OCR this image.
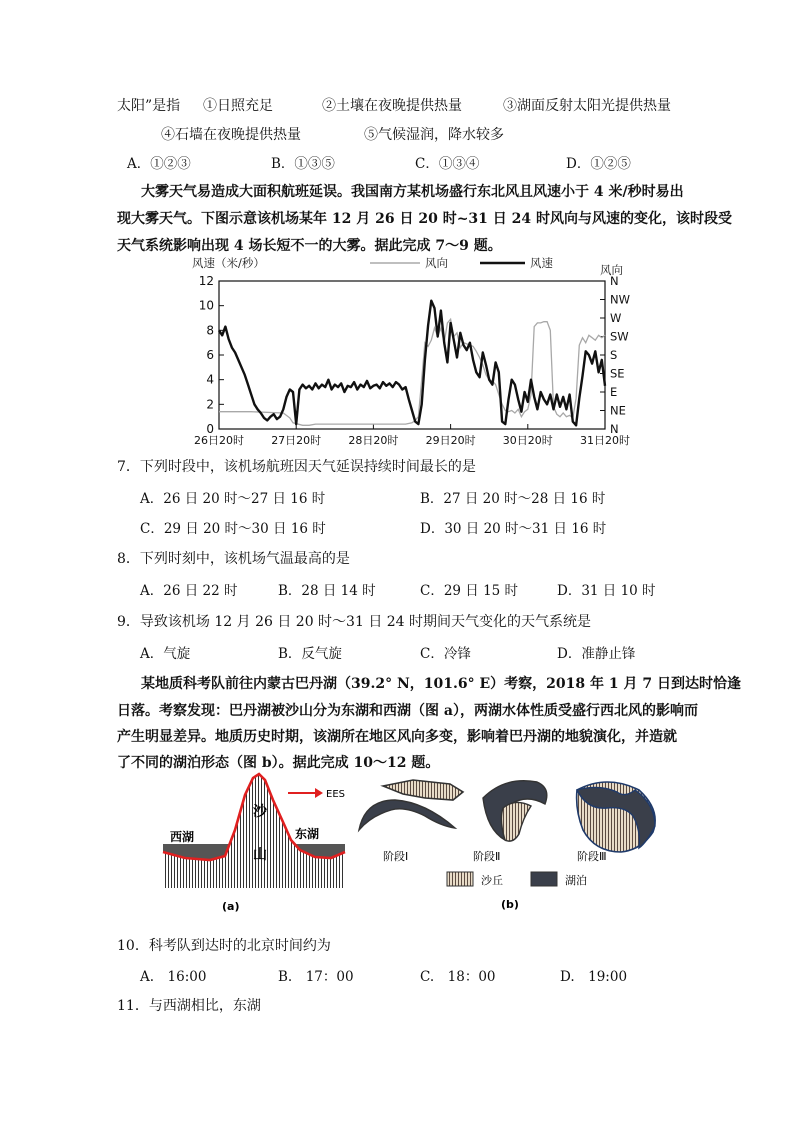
太阳”是指 ①日照充足	②土壤在夜晚提供热量	③湖面反射太阳光提供热量
④石墙在夜晚提供热量	⑤气候湿润，降水较多
A．①②③	B．①③⑤	C．①③④	D．①②⑤
大雾天气易造成大面积航班延误。我国南方某机场盛行东北风且风速小于 4 米/秒时易出
现大雾天气。下图示意该机场某年 12 月 26 日 20 时~31 日 24 时风向与风速的变化，该时段受
天气系统影响出现 4 场长短不一的大雾。据此完成 7～9 题。
风速（米/秒）	风向
风向	风速
0
2
4
6
8
10
12
N
NE
E
SE
S
SW
W
NW
N
26日20时 27日20时 28日20时 29日20时 30日20时 31日20时
7．下列时段中，该机场航班因天气延误持续时间最长的是
A．26 日 20 时～27 日 16 时	B．27 日 20 时～28 日 16 时
C．29 日 20 时～30 日 16 时	D．30 日 20 时～31 日 16 时
8．下列时刻中，该机场气温最高的是
A．26 日 22 时	B．28 日 14 时	C．29 日 15 时	D．31 日 10 时
9．导致该机场 12 月 26 日 20 时～31 日 24 时期间天气变化的天气系统是
A．气旋	B．反气旋	C．冷锋	D．准静止锋
某地质科考队前往内蒙古巴丹湖（39.2° N，101.6° E）考察，2018 年 1 月 7 日到达时恰逢
日落。考察发现：巴丹湖被沙山分为东湖和西湖（图 a），两湖水体性质受盛行西北风的影响而
产生明显差异。地质历史时期，该湖所在地区风向多变，影响着巴丹湖的地貌演化，并造就
了不同的湖泊形态（图 b）。据此完成 10～12 题。
西湖	东湖
沙
山
EES
(a)
阶段Ⅰ	阶段Ⅱ	阶段Ⅲ
沙丘	湖泊
(b)
10．科考队到达时的北京时间约为
A.　16:00	B.　17：00	C.　18：00	D.　19:00
11．与西湖相比，东湖
